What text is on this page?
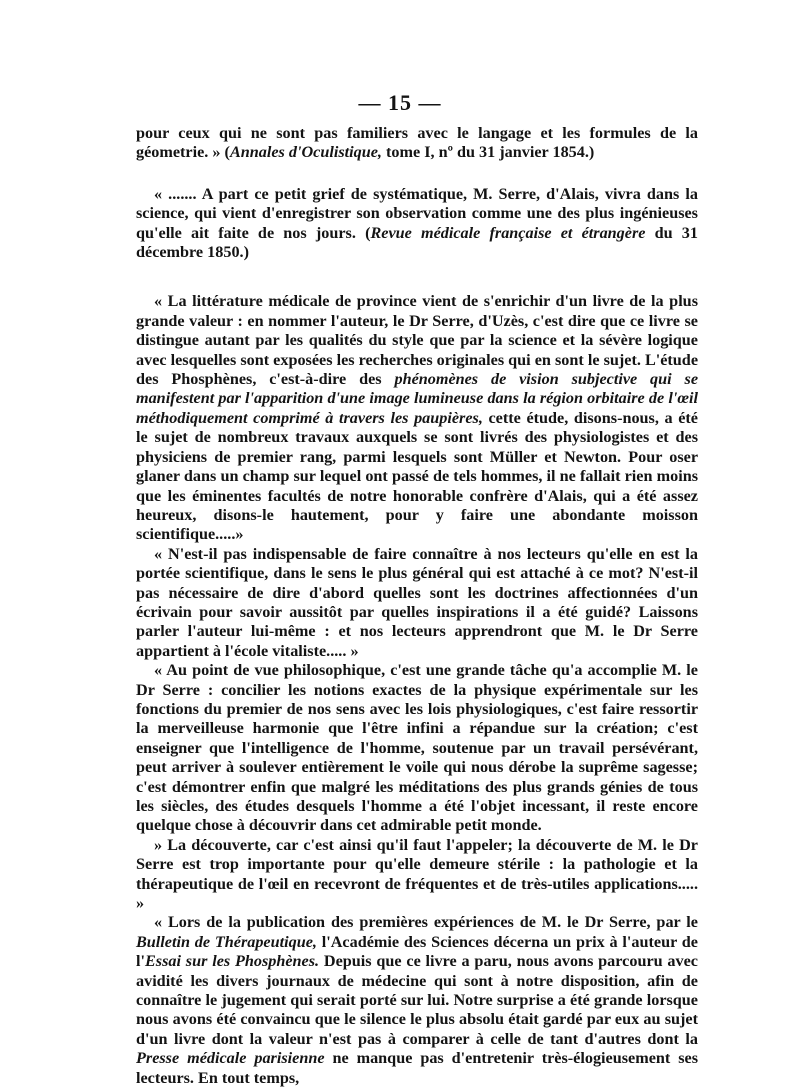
— 15 —

pour ceux qui ne sont pas familiers avec le langage et les formules de la géometrie. » (Annales d'Oculistique, tome I, nº du 31 janvier 1854.)

« ....... A part ce petit grief de systématique, M. Serre, d'Alais, vivra dans la science, qui vient d'enregistrer son observation comme une des plus ingénieuses qu'elle ait faite de nos jours. (Revue médicale française et étrangère du 31 décembre 1850.)

« La littérature médicale de province vient de s'enrichir d'un livre de la plus grande valeur : en nommer l'auteur, le Dr Serre, d'Uzès, c'est dire que ce livre se distingue autant par les qualités du style que par la science et la sévère logique avec lesquelles sont exposées les recherches originales qui en sont le sujet. L'étude des Phosphènes, c'est-à-dire des phénomènes de vision subjective qui se manifestent par l'apparition d'une image lumineuse dans la région orbitaire de l'œil méthodiquement comprimé à travers les paupières, cette étude, disons-nous, a été le sujet de nombreux travaux auxquels se sont livrés des physiologistes et des physiciens de premier rang, parmi lesquels sont Müller et Newton. Pour oser glaner dans un champ sur lequel ont passé de tels hommes, il ne fallait rien moins que les éminentes facultés de notre honorable confrère d'Alais, qui a été assez heureux, disons-le hautement, pour y faire une abondante moisson scientifique.....»

« N'est-il pas indispensable de faire connaître à nos lecteurs qu'elle en est la portée scientifique, dans le sens le plus général qui est attaché à ce mot? N'est-il pas nécessaire de dire d'abord quelles sont les doctrines affectionnées d'un écrivain pour savoir aussitôt par quelles inspirations il a été guidé? Laissons parler l'auteur lui-même : et nos lecteurs apprendront que M. le Dr Serre appartient à l'école vitaliste..... »

« Au point de vue philosophique, c'est une grande tâche qu'a accomplie M. le Dr Serre : concilier les notions exactes de la physique expérimentale sur les fonctions du premier de nos sens avec les lois physiologiques, c'est faire ressortir la merveilleuse harmonie que l'être infini a répandue sur la création; c'est enseigner que l'intelligence de l'homme, soutenue par un travail persévérant, peut arriver à soulever entièrement le voile qui nous dérobe la suprême sagesse; c'est démontrer enfin que malgré les méditations des plus grands génies de tous les siècles, des études desquels l'homme a été l'objet incessant, il reste encore quelque chose à découvrir dans cet admirable petit monde.

» La découverte, car c'est ainsi qu'il faut l'appeler; la découverte de M. le Dr Serre est trop importante pour qu'elle demeure stérile : la pathologie et la thérapeutique de l'œil en recevront de fréquentes et de très-utiles applications..... »

« Lors de la publication des premières expériences de M. le Dr Serre, par le Bulletin de Thérapeutique, l'Académie des Sciences décerna un prix à l'auteur de l'Essai sur les Phosphènes. Depuis que ce livre a paru, nous avons parcouru avec avidité les divers journaux de médecine qui sont à notre disposition, afin de connaître le jugement qui serait porté sur lui. Notre surprise a été grande lorsque nous avons été convaincu que le silence le plus absolu était gardé par eux au sujet d'un livre dont la valeur n'est pas à comparer à celle de tant d'autres dont la Presse médicale parisienne ne manque pas d'entretenir très-élogieusement ses lecteurs. En tout temps,
